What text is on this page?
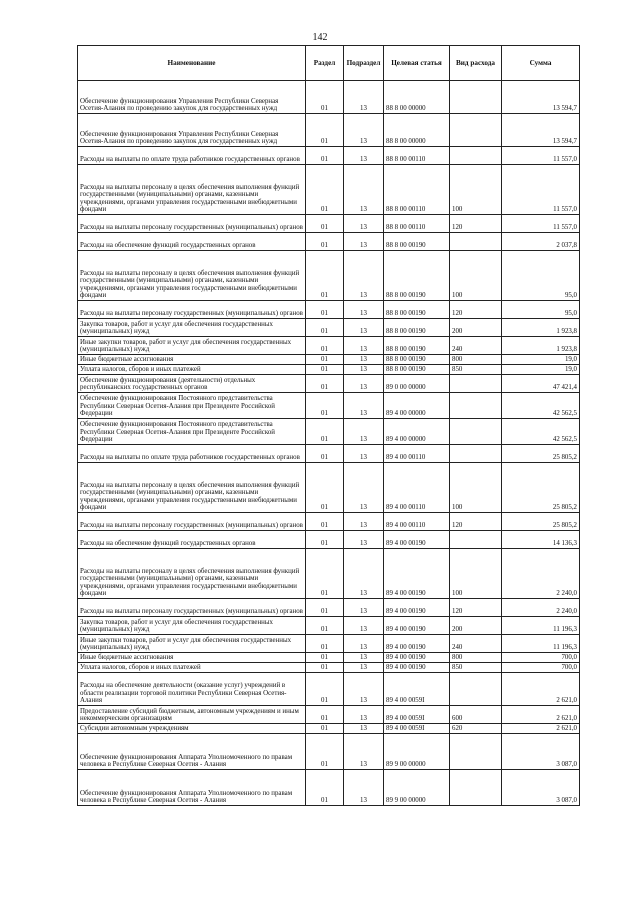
142
Наименование	Раздел	Подраздел	Целевая статья	Вид расхода	Сумма
Обеспечение функционирования Управления Республики Северная Осетия-Алания по проведению закупок для государственных нужд	01	13	88 8 00 00000		13 594,7
Обеспечение функционирования Управления Республики Северная Осетия-Алания по проведению закупок для государственных нужд	01	13	88 8 00 00000		13 594,7
Расходы на выплаты по оплате труда работников государственных органов	01	13	88 8 00 00110		11 557,0
Расходы на выплаты персоналу в целях обеспечения выполнения функций государственными (муниципальными) органами, казенными учреждениями, органами управления государственными внебюджетными фондами	01	13	88 8 00 00110	100	11 557,0
Расходы на выплаты персоналу государственных (муниципальных) органов	01	13	88 8 00 00110	120	11 557,0
Расходы на обеспечение функций государственных органов	01	13	88 8 00 00190		2 037,8
Расходы на выплаты персоналу в целях обеспечения выполнения функций государственными (муниципальными) органами, казенными учреждениями, органами управления государственными внебюджетными фондами	01	13	88 8 00 00190	100	95,0
Расходы на выплаты персоналу государственных (муниципальных) органов	01	13	88 8 00 00190	120	95,0
Закупка товаров, работ и услуг для обеспечения государственных (муниципальных) нужд	01	13	88 8 00 00190	200	1 923,8
Иные закупки товаров, работ и услуг для обеспечения государственных (муниципальных) нужд	01	13	88 8 00 00190	240	1 923,8
Иные бюджетные ассигнования	01	13	88 8 00 00190	800	19,0
Уплата налогов, сборов и иных платежей	01	13	88 8 00 00190	850	19,0
Обеспечение функционирования (деятельности) отдельных республиканских государственных органов	01	13	89 0 00 00000		47 421,4
Обеспечение функционирования Постоянного представительства Республики Северная Осетия-Алания при Президенте Российской Федерации	01	13	89 4 00 00000		42 562,5
Обеспечение функционирования Постоянного представительства Республики Северная Осетия-Алания при Президенте Российской Федерации	01	13	89 4 00 00000		42 562,5
Расходы на выплаты по оплате труда работников государственных органов	01	13	89 4 00 00110		25 805,2
Расходы на выплаты персоналу в целях обеспечения выполнения функций государственными (муниципальными) органами, казенными учреждениями, органами управления государственными внебюджетными фондами	01	13	89 4 00 00110	100	25 805,2
Расходы на выплаты персоналу государственных (муниципальных) органов	01	13	89 4 00 00110	120	25 805,2
Расходы на обеспечение функций государственных органов	01	13	89 4 00 00190		14 136,3
Расходы на выплаты персоналу в целях обеспечения выполнения функций государственными (муниципальными) органами, казенными учреждениями, органами управления государственными внебюджетными фондами	01	13	89 4 00 00190	100	2 240,0
Расходы на выплаты персоналу государственных (муниципальных) органов	01	13	89 4 00 00190	120	2 240,0
Закупка товаров, работ и услуг для обеспечения государственных (муниципальных) нужд	01	13	89 4 00 00190	200	11 196,3
Иные закупки товаров, работ и услуг для обеспечения государственных (муниципальных) нужд	01	13	89 4 00 00190	240	11 196,3
Иные бюджетные ассигнования	01	13	89 4 00 00190	800	700,0
Уплата налогов, сборов и иных платежей	01	13	89 4 00 00190	850	700,0
Расходы на обеспечение деятельности (оказание услуг) учреждений в области реализации торговой политики Республики Северная Осетия-Алания	01	13	89 4 00 0059I		2 621,0
Предоставление субсидий бюджетным, автономным учреждениям и иным некоммерческим организациям	01	13	89 4 00 0059I	600	2 621,0
Субсидии автономным учреждениям	01	13	89 4 00 0059I	620	2 621,0
Обеспечение функционирования Аппарата Уполномоченного по правам человека в Республике Северная Осетия - Алания	01	13	89 9 00 00000		3 087,0
Обеспечение функционирования Аппарата Уполномоченного по правам человека в Республике Северная Осетия - Алания	01	13	89 9 00 00000		3 087,0
